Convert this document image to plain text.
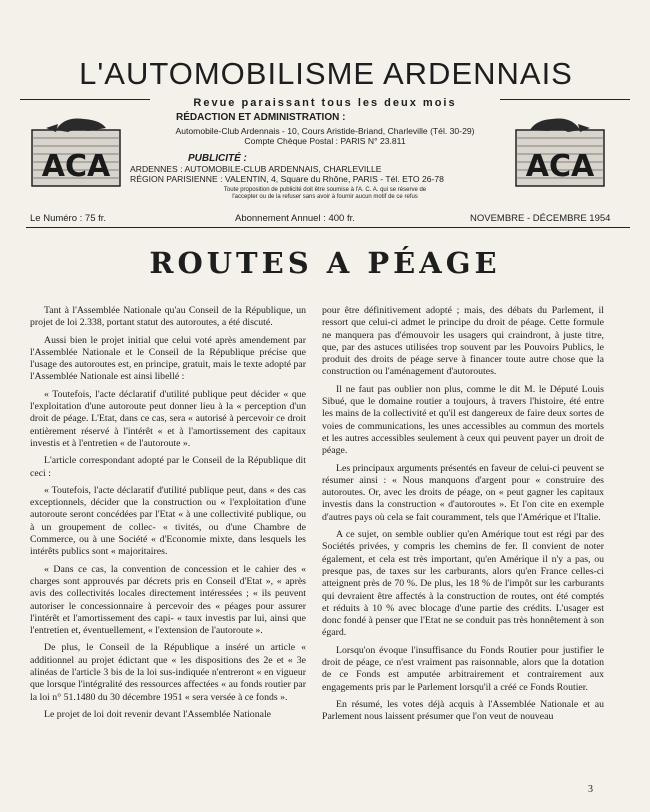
L'AUTOMOBILISME ARDENNAIS
Revue paraissant tous les deux mois
ACA	ACA
RÉDACTION ET ADMINISTRATION :
Automobile-Club Ardennais - 10, Cours Aristide-Briand, Charleville (Tél. 30-29)
Compte Chèque Postal : PARIS N° 23.811
PUBLICITÉ :
ARDENNES : AUTOMOBILE-CLUB ARDENNAIS, CHARLEVILLE
RÉGION PARISIENNE : VALENTIN, 4, Square du Rhône, PARIS - Tél. ETO 26-78
Toute proposition de publicité doit être soumise à l'A. C. A. qui se réserve de
l'accepter ou de la refuser sans avoir à fournir aucun motif de ce refus
Le Numéro : 75 fr.	Abonnement Annuel : 400 fr.	NOVEMBRE - DÉCEMBRE 1954
ROUTES A PÉAGE

Tant à l'Assemblée Nationale qu'au Conseil de la République, un projet de loi 2.338, portant statut des autoroutes, a été discuté.

Aussi bien le projet initial que celui voté après amendement par l'Assemblée Nationale et le Conseil de la République précise que l'usage des autoroutes est, en principe, gratuit, mais le texte adopté par l'Assemblée Nationale est ainsi libellé :

« Toutefois, l'acte déclaratif d'utilité publique peut décider « que l'exploitation d'une autoroute peut donner lieu à la « perception d'un droit de péage. L'Etat, dans ce cas, sera « autorisé à percevoir ce droit entièrement réservé à l'intérêt « et à l'amortissement des capitaux investis et à l'entretien « de l'autoroute ».

L'article correspondant adopté par le Conseil de la République dit ceci :

« Toutefois, l'acte déclaratif d'utilité publique peut, dans « des cas exceptionnels, décider que la construction ou « l'exploitation d'une autoroute seront concédées par l'Etat « à une collectivité publique, ou à un groupement de collec- « tivités, ou d'une Chambre de Commerce, ou à une Société « d'Economie mixte, dans lesquels les intérêts publics sont « majoritaires.

« Dans ce cas, la convention de concession et le cahier des « charges sont approuvés par décrets pris en Conseil d'Etat », « après avis des collectivités locales directement intéressées ; « ils peuvent autoriser le concessionnaire à percevoir des « péages pour assurer l'intérêt et l'amortissement des capi- « taux investis par lui, ainsi que l'entretien et, éventuellement, « l'extension de l'autoroute ».

De plus, le Conseil de la République a inséré un article « additionnel au projet édictant que « les dispositions des 2e et « 3e alinéas de l'article 3 bis de la loi sus-indiquée n'entreront « en vigueur que lorsque l'intégralité des ressources affectées « au fonds routier par la loi n° 51.1480 du 30 décembre 1951 « sera versée à ce fonds ».

Le projet de loi doit revenir devant l'Assemblée Nationale

pour être définitivement adopté ; mais, des débats du Parlement, il ressort que celui-ci admet le principe du droit de péage. Cette formule ne manquera pas d'émouvoir les usagers qui craindront, à juste titre, que, par des astuces utilisées trop souvent par les Pouvoirs Publics, le produit des droits de péage serve à financer toute autre chose que la construction ou l'aménagement d'autoroutes.

Il ne faut pas oublier non plus, comme le dit M. le Député Louis Sibué, que le domaine routier a toujours, à travers l'histoire, été entre les mains de la collectivité et qu'il est dangereux de faire deux sortes de voies de communications, les unes accessibles au commun des mortels et les autres accessibles seulement à ceux qui peuvent payer un droit de péage.

Les principaux arguments présentés en faveur de celui-ci peuvent se résumer ainsi : « Nous manquons d'argent pour « construire des autoroutes. Or, avec les droits de péage, on « peut gagner les capitaux investis dans la construction « d'autoroutes ». Et l'on cite en exemple d'autres pays où cela se fait couramment, tels que l'Amérique et l'Italie.

A ce sujet, on semble oublier qu'en Amérique tout est régi par des Sociétés privées, y compris les chemins de fer. Il convient de noter également, et cela est très important, qu'en Amérique il n'y a pas, ou presque pas, de taxes sur les carburants, alors qu'en France celles-ci atteignent près de 70 %. De plus, les 18 % de l'impôt sur les carburants qui devraient être affectés à la construction de routes, ont été comptés et réduits à 10 % avec blocage d'une partie des crédits. L'usager est donc fondé à penser que l'Etat ne se conduit pas très honnêtement à son égard.

Lorsqu'on évoque l'insuffisance du Fonds Routier pour justifier le droit de péage, ce n'est vraiment pas raisonnable, alors que la dotation de ce Fonds est amputée arbitrairement et contrairement aux engagements pris par le Parlement lorsqu'il a créé ce Fonds Routier.

En résumé, les votes déjà acquis à l'Assemblée Nationale et au Parlement nous laissent présumer que l'on veut de nouveau

3
